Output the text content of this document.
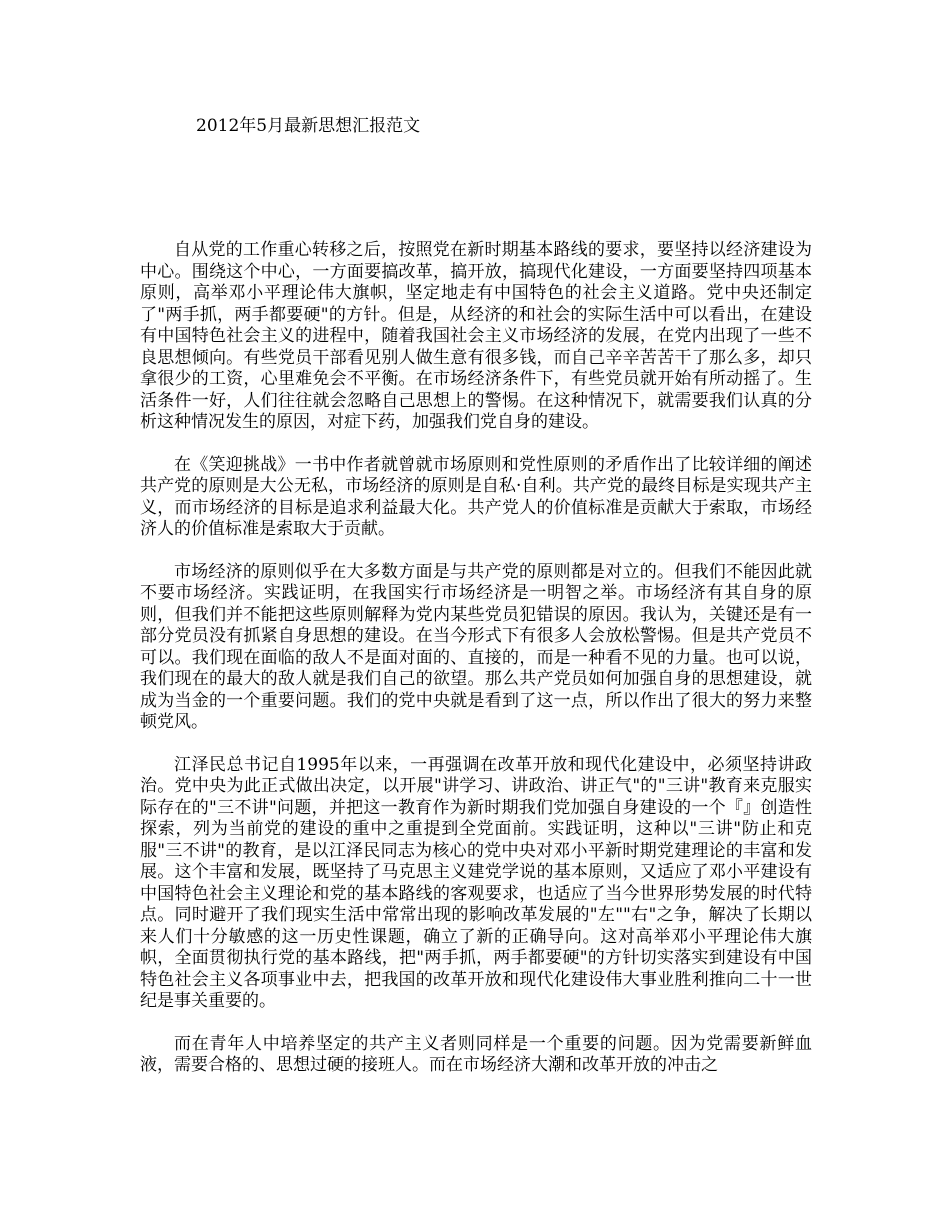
2012年5月最新思想汇报范文

自从党的工作重心转移之后，按照党在新时期基本路线的要求，要坚持以经济建设为中心。围绕这个中心，一方面要搞改革，搞开放，搞现代化建设，一方面要坚持四项基本原则，高举邓小平理论伟大旗帜，坚定地走有中国特色的社会主义道路。党中央还制定了"两手抓，两手都要硬"的方针。但是，从经济的和社会的实际生活中可以看出，在建设有中国特色社会主义的进程中，随着我国社会主义市场经济的发展，在党内出现了一些不良思想倾向。有些党员干部看见别人做生意有很多钱，而自己辛辛苦苦干了那么多，却只拿很少的工资，心里难免会不平衡。在市场经济条件下，有些党员就开始有所动摇了。生活条件一好，人们往往就会忽略自己思想上的警惕。在这种情况下，就需要我们认真的分析这种情况发生的原因，对症下药，加强我们党自身的建设。

在《笑迎挑战》一书中作者就曾就市场原则和党性原则的矛盾作出了比较详细的阐述共产党的原则是大公无私，市场经济的原则是自私·自利。共产党的最终目标是实现共产主义，而市场经济的目标是追求利益最大化。共产党人的价值标准是贡献大于索取，市场经济人的价值标准是索取大于贡献。

市场经济的原则似乎在大多数方面是与共产党的原则都是对立的。但我们不能因此就不要市场经济。实践证明，在我国实行市场经济是一明智之举。市场经济有其自身的原则，但我们并不能把这些原则解释为党内某些党员犯错误的原因。我认为，关键还是有一部分党员没有抓紧自身思想的建设。在当今形式下有很多人会放松警惕。但是共产党员不可以。我们现在面临的敌人不是面对面的、直接的，而是一种看不见的力量。也可以说，我们现在的最大的敌人就是我们自己的欲望。那么共产党员如何加强自身的思想建设，就成为当金的一个重要问题。我们的党中央就是看到了这一点，所以作出了很大的努力来整顿党风。

江泽民总书记自1995年以来，一再强调在改革开放和现代化建设中，必须坚持讲政治。党中央为此正式做出决定，以开展"讲学习、讲政治、讲正气"的"三讲"教育来克服实际存在的"三不讲"问题，并把这一教育作为新时期我们党加强自身建设的一个『』创造性探索，列为当前党的建设的重中之重提到全党面前。实践证明，这种以"三讲"防止和克服"三不讲"的教育，是以江泽民同志为核心的党中央对邓小平新时期党建理论的丰富和发展。这个丰富和发展，既坚持了马克思主义建党学说的基本原则，又适应了邓小平建设有中国特色社会主义理论和党的基本路线的客观要求，也适应了当今世界形势发展的时代特点。同时避开了我们现实生活中常常出现的影响改革发展的"左""右"之争，解决了长期以来人们十分敏感的这一历史性课题，确立了新的正确导向。这对高举邓小平理论伟大旗帜，全面贯彻执行党的基本路线，把"两手抓，两手都要硬"的方针切实落实到建设有中国特色社会主义各项事业中去，把我国的改革开放和现代化建设伟大事业胜利推向二十一世纪是事关重要的。

而在青年人中培养坚定的共产主义者则同样是一个重要的问题。因为党需要新鲜血液，需要合格的、思想过硬的接班人。而在市场经济大潮和改革开放的冲击之
